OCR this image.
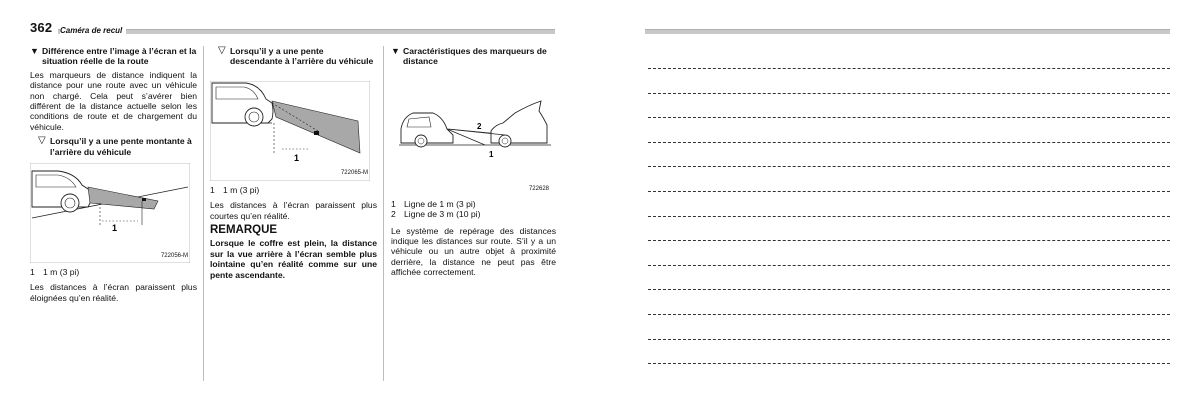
362 Caméra de recul
▼ Différence entre l’image à l’écran et la situation réelle de la route
Les marqueurs de distance indiquent la distance pour une route avec un véhicule non chargé. Cela peut s’avérer bien différent de la distance actuelle selon les conditions de route et de chargement du véhicule.
▽ Lorsqu’il y a une pente montante à l’arrière du véhicule
1
722056-M
1 1 m (3 pi)
Les distances à l’écran paraissent plus éloignées qu’en réalité.
▽ Lorsqu’il y a une pente descendante à l’arrière du véhicule
1
722065-M
1 1 m (3 pi)
Les distances à l’écran paraissent plus courtes qu’en réalité.
REMARQUE
Lorsque le coffre est plein, la distance sur la vue arrière à l’écran semble plus lointaine qu’en réalité comme sur une pente ascendante.
▼ Caractéristiques des marqueurs de distance
2
1
722628
1 Ligne de 1 m (3 pi)
2 Ligne de 3 m (10 pi)
Le système de repérage des distances indique les distances sur route. S’il y a un véhicule ou un autre objet à proximité derrière, la distance ne peut pas être affichée correctement.
